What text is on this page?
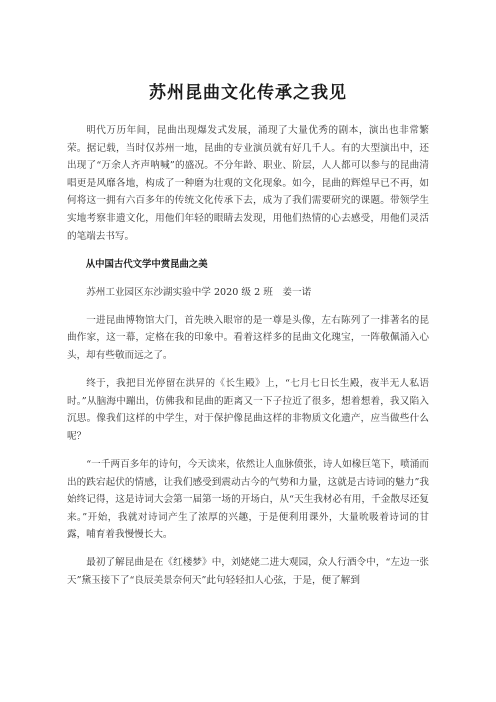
苏州昆曲文化传承之我见

明代万历年间，昆曲出现爆发式发展，涌现了大量优秀的剧本，演出也非常繁荣。据记载，当时仅苏州一地，昆曲的专业演员就有好几千人。有的大型演出中，还出现了“万余人齐声呐喊”的盛况。不分年龄、职业、阶层，人人都可以参与的昆曲清唱更是风靡各地，构成了一种磨为壮观的文化现象。如今，昆曲的辉煌早已不再，如何将这一拥有六百多年的传统文化传承下去，成为了我们需要研究的课题。带领学生实地考察非遗文化，用他们年轻的眼睛去发现，用他们热情的心去感受，用他们灵活的笔端去书写。

从中国古代文学中赏昆曲之美

苏州工业园区东沙湖实验中学 2020 级 2 班　姜一诺

一进昆曲博物馆大门，首先映入眼帘的是一尊是头像，左右陈列了一排著名的昆曲作家，这一幕，定格在我的印象中。看着这样多的昆曲文化瑰宝，一阵敬佩涌入心头，却有些敬而远之了。

终于，我把目光停留在洪昇的《长生殿》上，“七月七日长生殿，夜半无人私语时。”从脑海中蹦出，仿佛我和昆曲的距离又一下子拉近了很多，想着想着，我又陷入沉思。像我们这样的中学生，对于保护像昆曲这样的非物质文化遗产，应当做些什么呢？

“一千两百多年的诗句，今天读来，依然让人血脉偾张，诗人如椽巨笔下，喷涌而出的跌宕起伏的情感，让我们感受到震动古今的气势和力量，这就是古诗词的魅力”我始终记得，这是诗词大会第一届第一场的开场白，从“天生我材必有用，千金散尽还复来。”开始，我就对诗词产生了浓厚的兴趣，于是便利用课外，大量吮吸着诗词的甘露，哺育着我慢慢长大。

最初了解昆曲是在《红楼梦》中，刘姥姥二进大观园，众人行酒令中，“左边一张天”黛玉接下了“良辰美景奈何天”此句轻轻扣人心弦，于是，便了解到
